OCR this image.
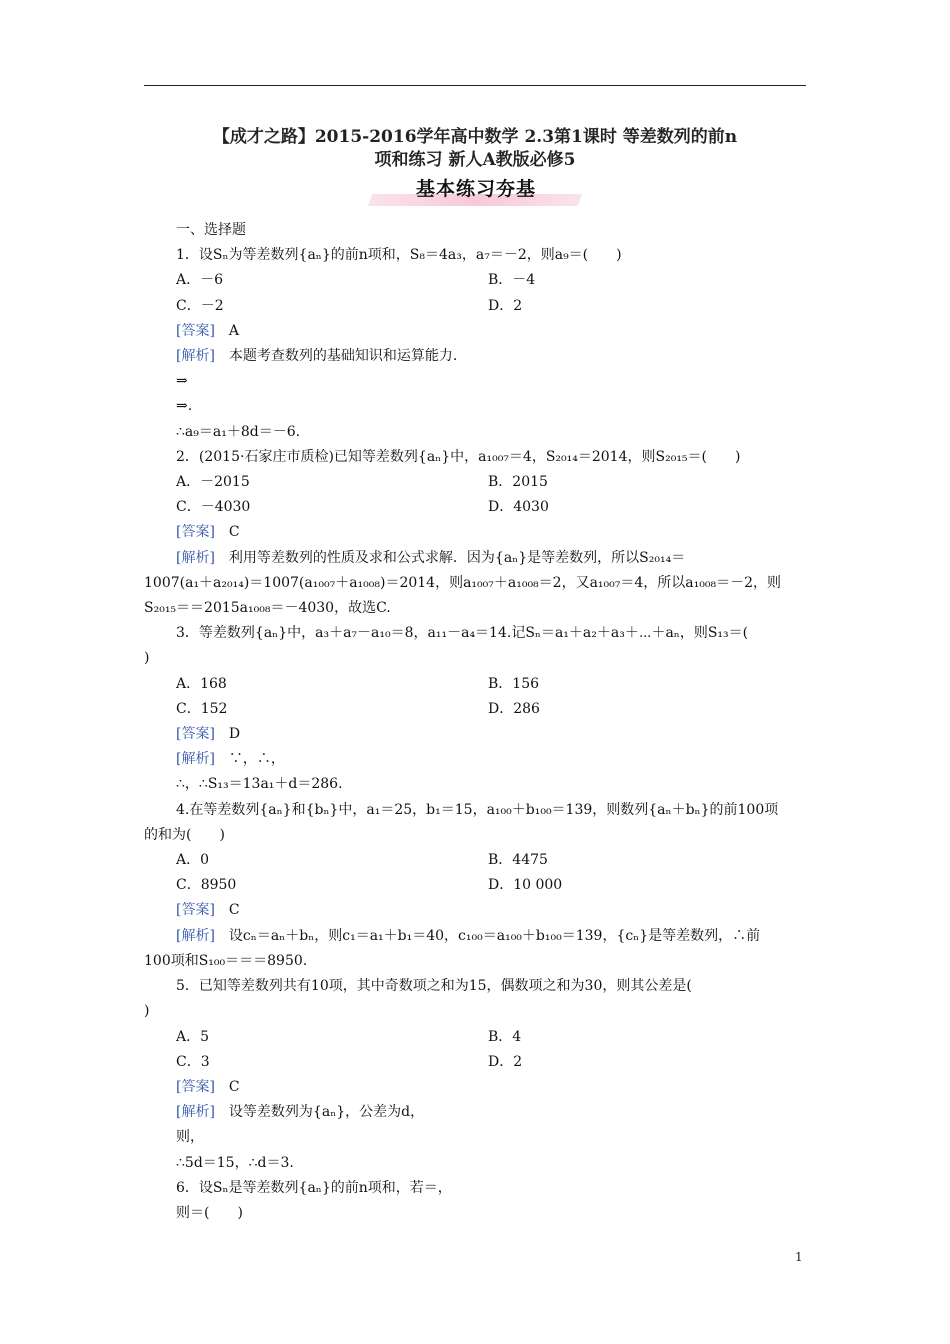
【成才之路】2015-2016学年高中数学 2.3第1课时 等差数列的前n
项和练习 新人A教版必修5
基本练习夯基
一、选择题
1．设Sₙ为等差数列{aₙ}的前n项和，S₈＝4a₃，a₇＝－2，则a₉＝(　　)
A．－6	B．－4
C．－2	D．2
[答案]　A
[解析]　本题考查数列的基础知识和运算能力.
⇒
⇒.
∴a₉＝a₁＋8d＝－6.
2．(2015·石家庄市质检)已知等差数列{aₙ}中，a₁₀₀₇＝4，S₂₀₁₄＝2014，则S₂₀₁₅＝(　　)
A．－2015	B．2015
C．－4030	D．4030
[答案]　C
[解析]　利用等差数列的性质及求和公式求解．因为{aₙ}是等差数列，所以S₂₀₁₄＝
1007(a₁＋a₂₀₁₄)＝1007(a₁₀₀₇＋a₁₀₀₈)＝2014，则a₁₀₀₇＋a₁₀₀₈＝2，又a₁₀₀₇＝4，所以a₁₀₀₈＝－2，则
S₂₀₁₅＝＝2015a₁₀₀₈＝－4030，故选C.
3．等差数列{aₙ}中，a₃＋a₇－a₁₀＝8，a₁₁－a₄＝14.记Sₙ＝a₁＋a₂＋a₃＋⋯＋aₙ，则S₁₃＝(
)
A．168	B．156
C．152	D．286
[答案]　D
[解析]　∵，∴，
∴，∴S₁₃＝13a₁＋d＝286.
4.在等差数列{aₙ}和{bₙ}中，a₁＝25，b₁＝15，a₁₀₀＋b₁₀₀＝139，则数列{aₙ＋bₙ}的前100项
的和为(　　)
A．0	B．4475
C．8950	D．10 000
[答案]　C
[解析]　设cₙ＝aₙ＋bₙ，则c₁＝a₁＋b₁＝40，c₁₀₀＝a₁₀₀＋b₁₀₀＝139，{cₙ}是等差数列，∴前
100项和S₁₀₀＝＝＝8950.
5．已知等差数列共有10项，其中奇数项之和为15，偶数项之和为30，则其公差是(
)
A．5	B．4
C．3	D．2
[答案]　C
[解析]　设等差数列为{aₙ}，公差为d，
则，
∴5d＝15，∴d＝3.
6．设Sₙ是等差数列{aₙ}的前n项和，若＝，
则＝(　　)
1
